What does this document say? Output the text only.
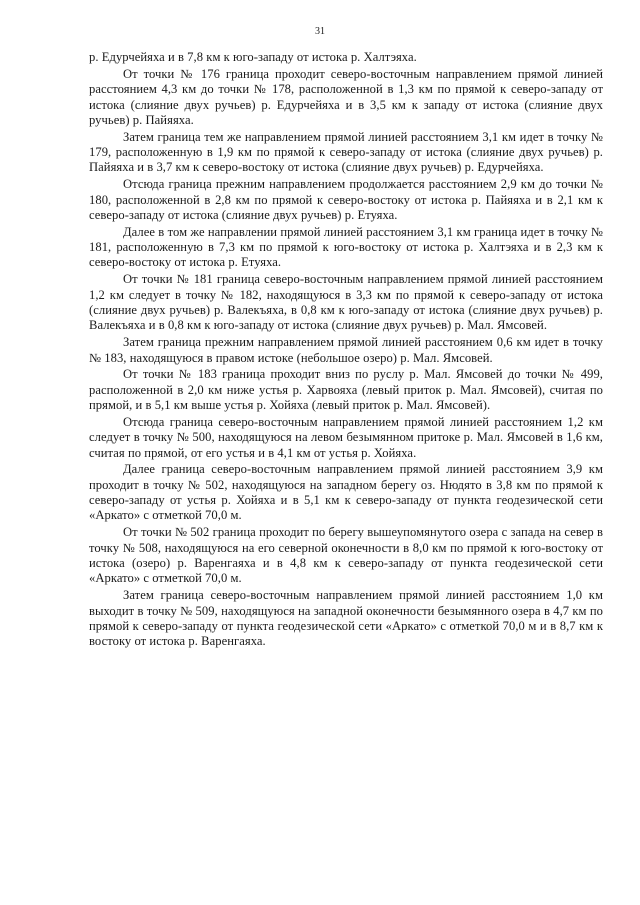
31

р. Едурчейяха и в 7,8 км к юго-западу от истока р. Халтэяха.

От точки № 176 граница проходит северо-восточным направлением прямой линией расстоянием 4,3 км до точки № 178, расположенной в 1,3 км по прямой к северо-западу от истока (слияние двух ручьев) р. Едурчейяха и в 3,5 км к западу от истока (слияние двух ручьев) р. Пайяяха.

Затем граница тем же направлением прямой линией расстоянием 3,1 км идет в точку № 179, расположенную в 1,9 км по прямой к северо-западу от истока (слияние двух ручьев) р. Пайяяха и в 3,7 км к северо-востоку от истока (слияние двух ручьев) р. Едурчейяха.

Отсюда граница прежним направлением продолжается расстоянием 2,9 км до точки № 180, расположенной в 2,8 км по прямой к северо-востоку от истока р. Пайяяха и в 2,1 км к северо-западу от истока (слияние двух ручьев) р. Етуяха.

Далее в том же направлении прямой линией расстоянием 3,1 км граница идет в точку № 181, расположенную в 7,3 км по прямой к юго-востоку от истока р. Халтэяха и в 2,3 км к северо-востоку от истока р. Етуяха.

От точки № 181 граница северо-восточным направлением прямой линией расстоянием 1,2 км следует в точку № 182, находящуюся в 3,3 км по прямой к северо-западу от истока (слияние двух ручьев) р. Валекъяха, в 0,8 км к юго-западу от истока (слияние двух ручьев) р. Валекъяха и в 0,8 км к юго-западу от истока (слияние двух ручьев) р. Мал. Ямсовей.

Затем граница прежним направлением прямой линией расстоянием 0,6 км идет в точку № 183, находящуюся в правом истоке (небольшое озеро) р. Мал. Ямсовей.

От точки № 183 граница проходит вниз по руслу р. Мал. Ямсовей до точки № 499, расположенной в 2,0 км ниже устья р. Харвояха (левый приток р. Мал. Ямсовей), считая по прямой, и в 5,1 км выше устья р. Хойяха (левый приток р. Мал. Ямсовей).

Отсюда граница северо-восточным направлением прямой линией расстоянием 1,2 км следует в точку № 500, находящуюся на левом безымянном притоке р. Мал. Ямсовей в 1,6 км, считая по прямой, от его устья и в 4,1 км от устья р. Хойяха.

Далее граница северо-восточным направлением прямой линией расстоянием 3,9 км проходит в точку № 502, находящуюся на западном берегу оз. Нюдято в 3,8 км по прямой к северо-западу от устья р. Хойяха и в 5,1 км к северо-западу от пункта геодезической сети «Аркато» с отметкой 70,0 м.

От точки № 502 граница проходит по берегу вышеупомянутого озера с запада на север в точку № 508, находящуюся на его северной оконечности в 8,0 км по прямой к юго-востоку от истока (озеро) р. Варенгаяха и в 4,8 км к северо-западу от пункта геодезической сети «Аркато» с отметкой 70,0 м.

Затем граница северо-восточным направлением прямой линией расстоянием 1,0 км выходит в точку № 509, находящуюся на западной оконечности безымянного озера в 4,7 км по прямой к северо-западу от пункта геодезической сети «Аркато» с отметкой 70,0 м и в 8,7 км к востоку от истока р. Варенгаяха.
